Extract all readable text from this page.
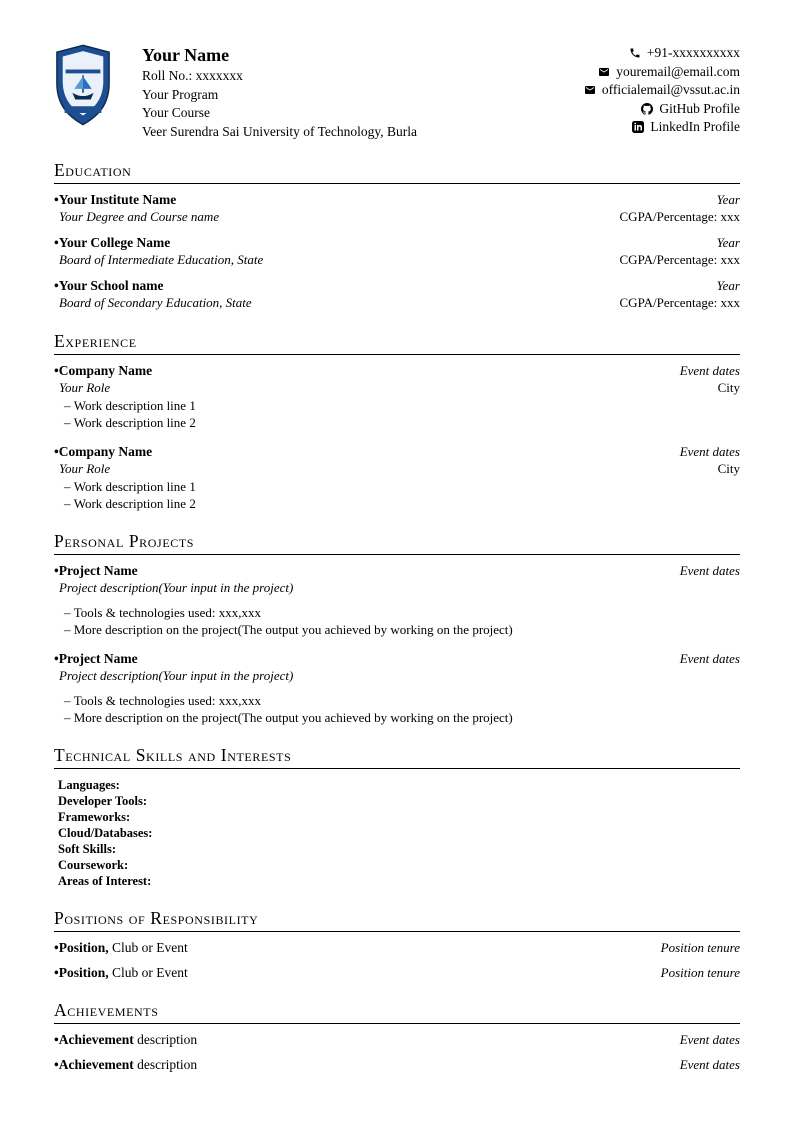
Your Name
Roll No.: xxxxxxx
Your Program
Your Course
Veer Surendra Sai University of Technology, Burla
+91-xxxxxxxxxx
youremail@email.com
officialemail@vssut.ac.in
GitHub Profile
LinkedIn Profile
Education
• Your Institute Name	Year
Your Degree and Course name	CGPA/Percentage: xxx
• Your College Name	Year
Board of Intermediate Education, State	CGPA/Percentage: xxx
• Your School name	Year
Board of Secondary Education, State	CGPA/Percentage: xxx
Experience
• Company Name	Event dates
Your Role	City
– Work description line 1
– Work description line 2
• Company Name	Event dates
Your Role	City
– Work description line 1
– Work description line 2
Personal Projects
• Project Name	Event dates
Project description(Your input in the project)
– Tools & technologies used: xxx,xxx
– More description on the project(The output you achieved by working on the project)
• Project Name	Event dates
Project description(Your input in the project)
– Tools & technologies used: xxx,xxx
– More description on the project(The output you achieved by working on the project)
Technical Skills and Interests
Languages:
Developer Tools:
Frameworks:
Cloud/Databases:
Soft Skills:
Coursework:
Areas of Interest:
Positions of Responsibility
• Position, Club or Event	Position tenure
• Position, Club or Event	Position tenure
Achievements
• Achievement description	Event dates
• Achievement description	Event dates
